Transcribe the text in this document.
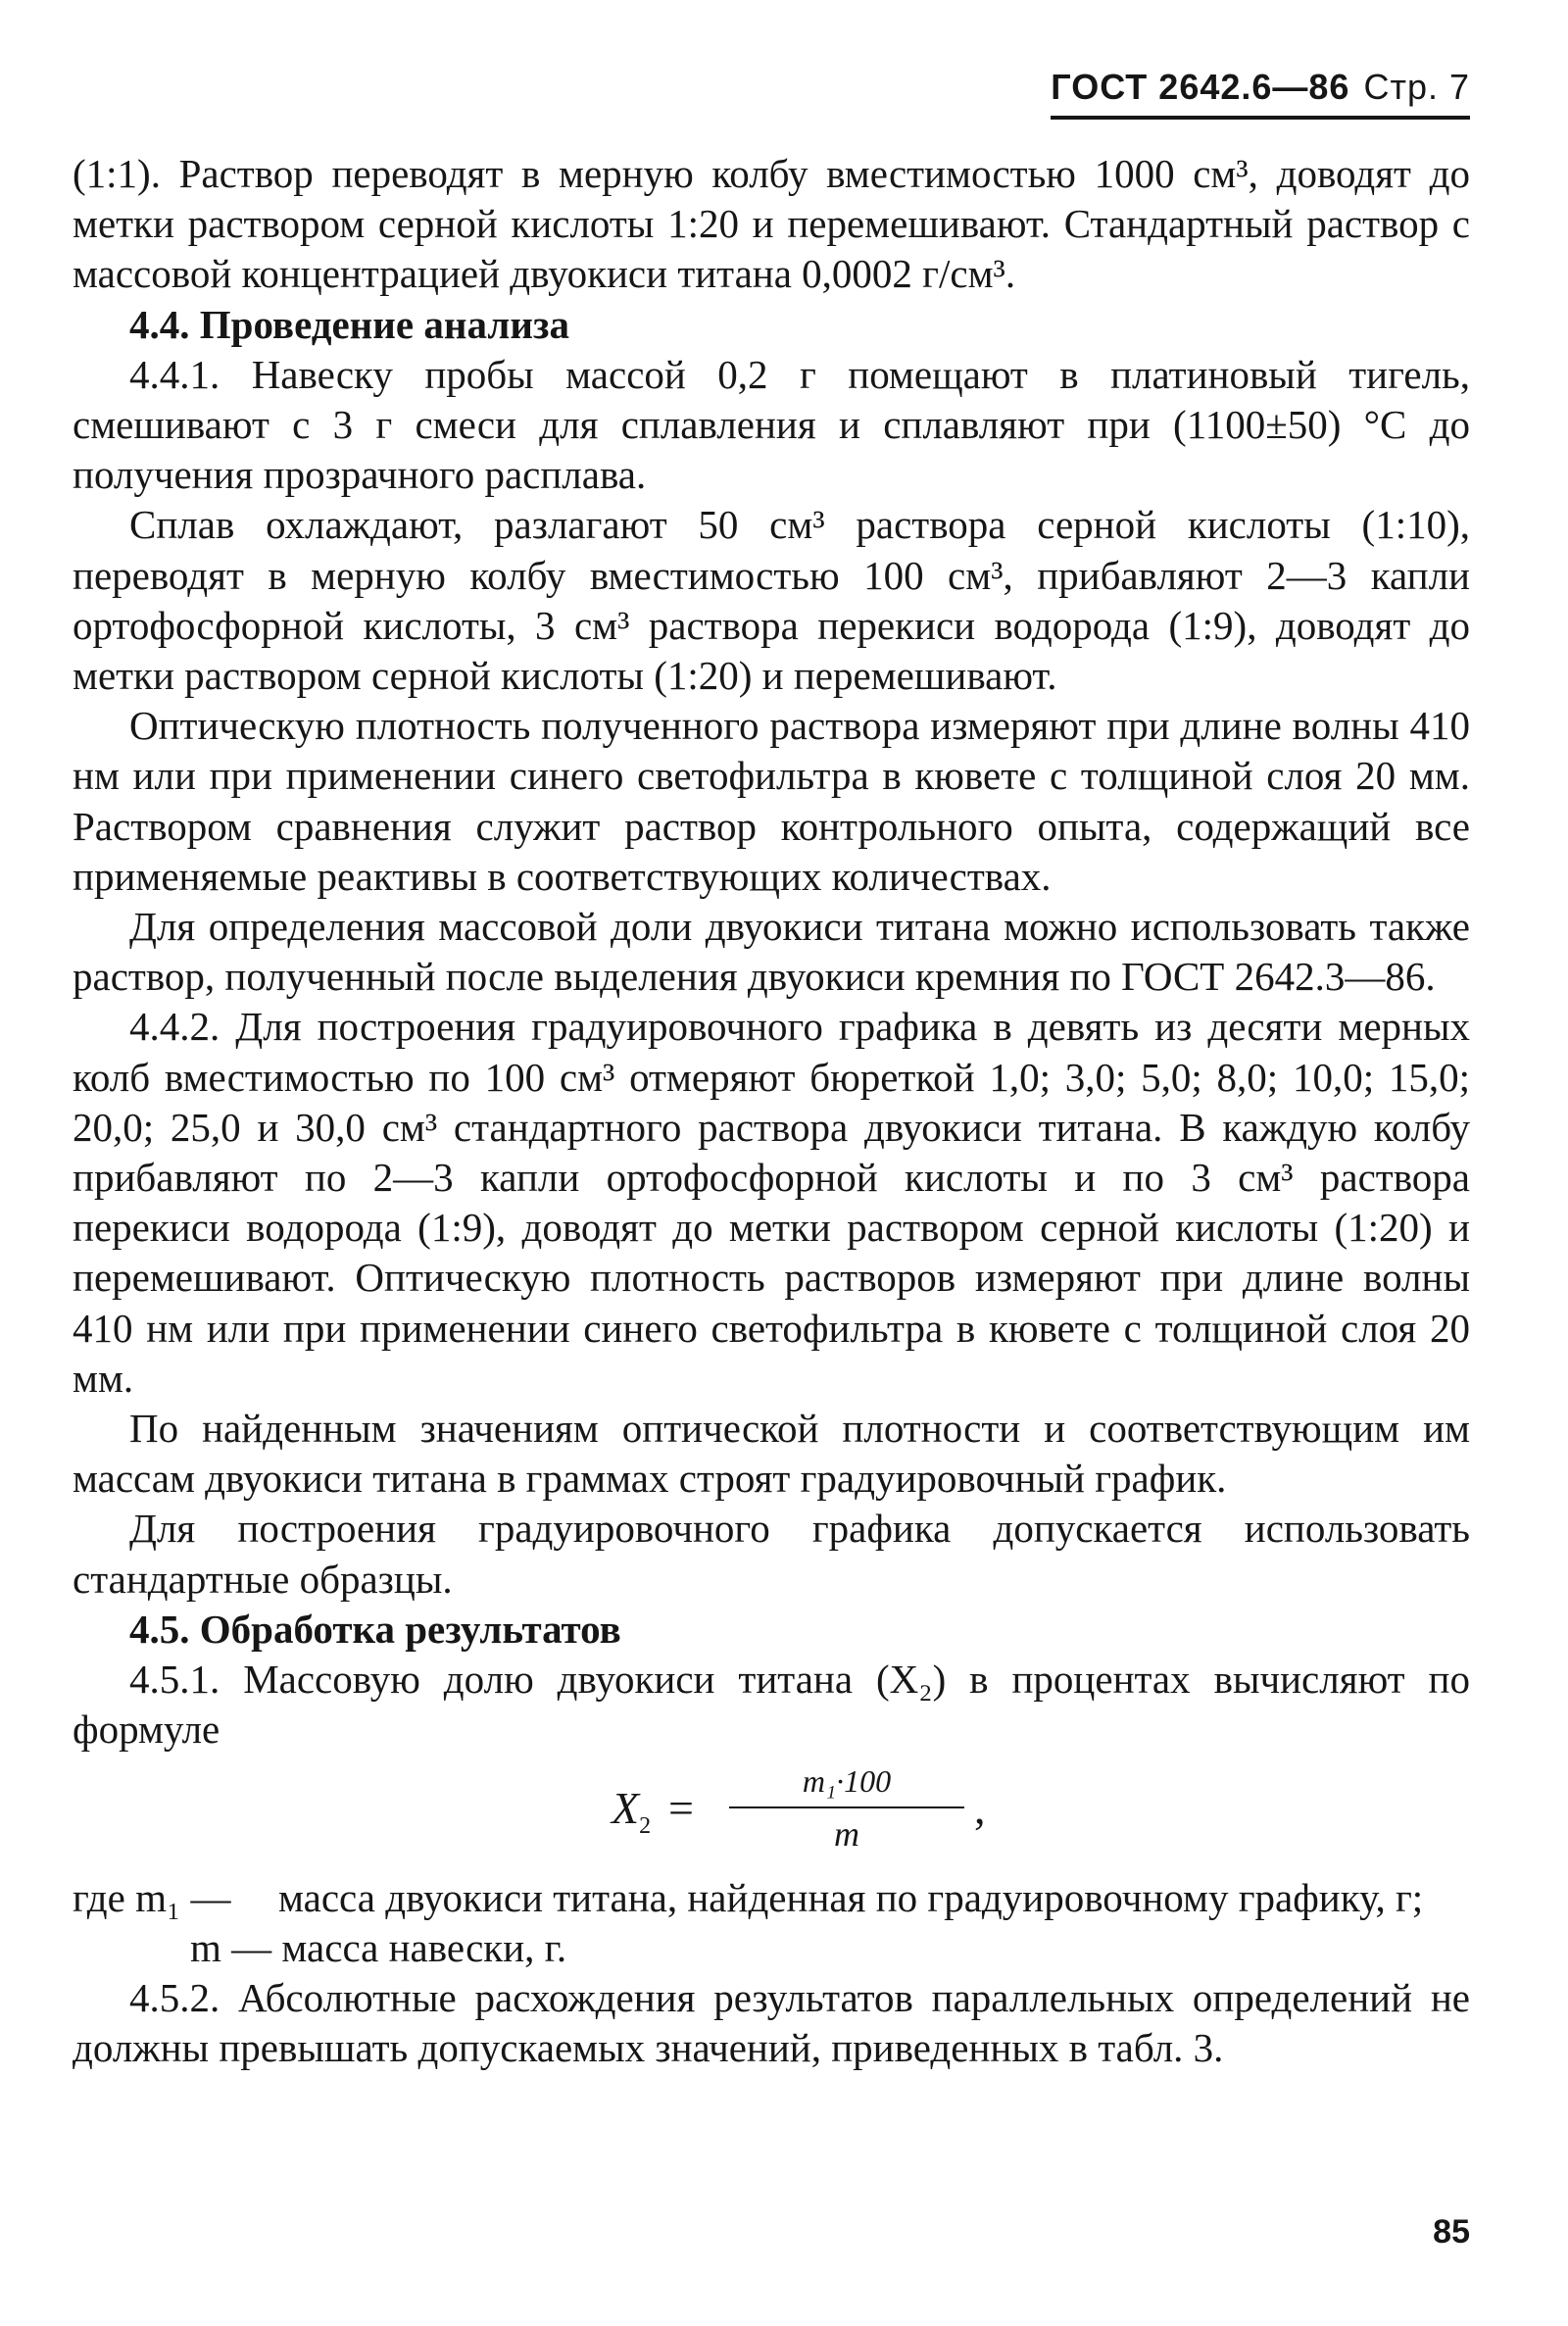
ГОСТ 2642.6—86 Стр. 7

(1:1). Раствор переводят в мерную колбу вместимостью 1000 см³, доводят до метки раствором серной кислоты 1:20 и перемешивают. Стандартный раствор с массовой концентрацией двуокиси титана 0,0002 г/см³.

4.4. Проведение анализа

4.4.1. Навеску пробы массой 0,2 г помещают в платиновый тигель, смешивают с 3 г смеси для сплавления и сплавляют при (1100±50) °С до получения прозрачного расплава.

Сплав охлаждают, разлагают 50 см³ раствора серной кислоты (1:10), переводят в мерную колбу вместимостью 100 см³, прибавляют 2—3 капли ортофосфорной кислоты, 3 см³ раствора перекиси водорода (1:9), доводят до метки раствором серной кислоты (1:20) и перемешивают.

Оптическую плотность полученного раствора измеряют при длине волны 410 нм или при применении синего светофильтра в кювете с толщиной слоя 20 мм. Раствором сравнения служит раствор контрольного опыта, содержащий все применяемые реактивы в соответствующих количествах.

Для определения массовой доли двуокиси титана можно использовать также раствор, полученный после выделения двуокиси кремния по ГОСТ 2642.3—86.

4.4.2. Для построения градуировочного графика в девять из десяти мерных колб вместимостью по 100 см³ отмеряют бюреткой 1,0; 3,0; 5,0; 8,0; 10,0; 15,0; 20,0; 25,0 и 30,0 см³ стандартного раствора двуокиси титана. В каждую колбу прибавляют по 2—3 капли ортофосфорной кислоты и по 3 см³ раствора перекиси водорода (1:9), доводят до метки раствором серной кислоты (1:20) и перемешивают. Оптическую плотность растворов измеряют при длине волны 410 нм или при применении синего светофильтра в кювете с толщиной слоя 20 мм.

По найденным значениям оптической плотности и соответствующим им массам двуокиси титана в граммах строят градуировочный график.

Для построения градуировочного графика допускается использовать стандартные образцы.

4.5. Обработка результатов

4.5.1. Массовую долю двуокиси титана (X₂) в процентах вычисляют по формуле

$X_2$ =
m₁·100
m
,
где m₁ —	масса двуокиси титана, найденная по градуировочному графику, г;

m — масса навески, г.

4.5.2. Абсолютные расхождения результатов параллельных определений не должны превышать допускаемых значений, приведенных в табл. 3.

85
